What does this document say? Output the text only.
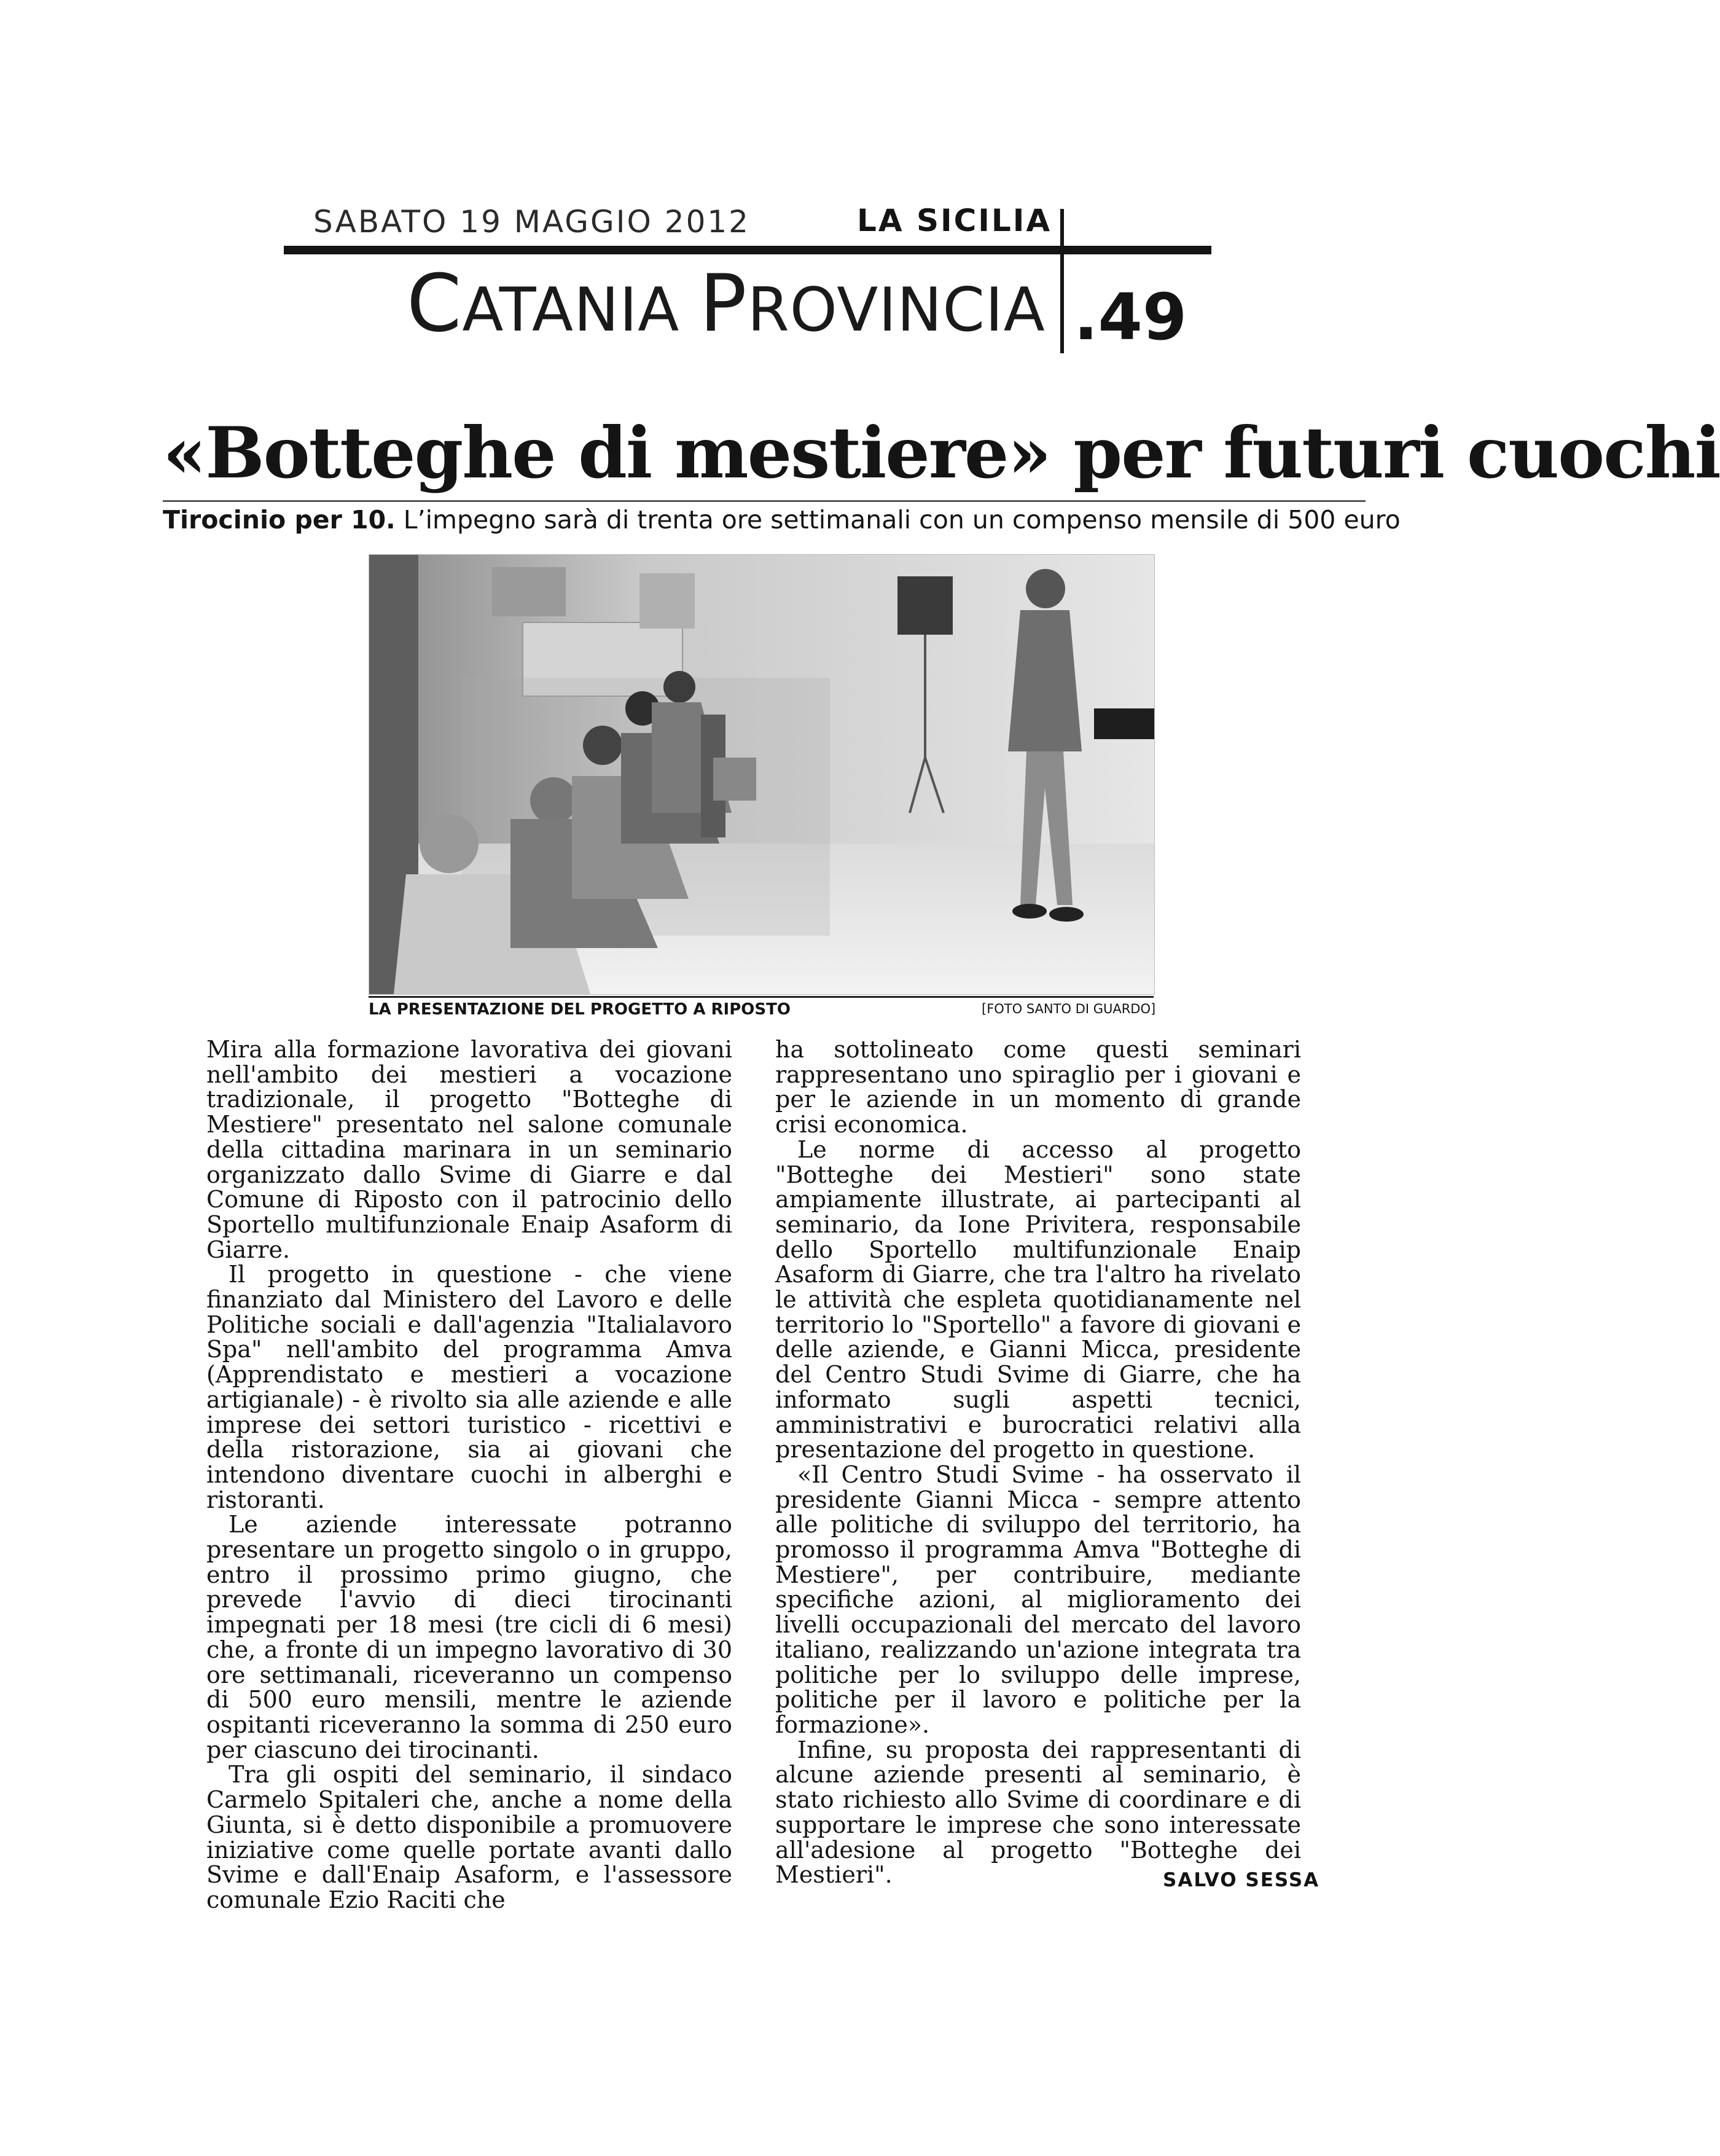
SABATO 19 MAGGIO 2012	LA SICILIA
CATANIA PROVINCIA .49
«Botteghe di mestiere» per futuri cuochi
Tirocinio per 10. L’impegno sarà di trenta ore settimanali con un compenso mensile di 500 euro
LA PRESENTAZIONE DEL PROGETTO A RIPOSTO	[FOTO SANTO DI GUARDO]

Mira alla formazione lavorativa dei giovani nell'ambito dei mestieri a vocazione tradizionale, il progetto "Botteghe di Mestiere" presentato nel salone comunale della cittadina marinara in un seminario organizzato dallo Svime di Giarre e dal Comune di Riposto con il patrocinio dello Sportello multifunzionale Enaip Asaform di Giarre.

Il progetto in questione - che viene finanziato dal Ministero del Lavoro e delle Politiche sociali e dall'agenzia "Italialavoro Spa" nell'ambito del programma Amva (Apprendistato e mestieri a vocazione artigianale) - è rivolto sia alle aziende e alle imprese dei settori turistico - ricettivi e della ristorazione, sia ai giovani che intendono diventare cuochi in alberghi e ristoranti.

Le aziende interessate potranno presentare un progetto singolo o in gruppo, entro il prossimo primo giugno, che prevede l'avvio di dieci tirocinanti impegnati per 18 mesi (tre cicli di 6 mesi) che, a fronte di un impegno lavorativo di 30 ore settimanali, riceveranno un compenso di 500 euro mensili, mentre le aziende ospitanti riceveranno la somma di 250 euro per ciascuno dei tirocinanti.

Tra gli ospiti del seminario, il sindaco Carmelo Spitaleri che, anche a nome della Giunta, si è detto disponibile a promuovere iniziative come quelle portate avanti dallo Svime e dall'Enaip Asaform, e l'assessore comunale Ezio Raciti che

ha sottolineato come questi seminari rappresentano uno spiraglio per i giovani e per le aziende in un momento di grande crisi economica.

Le norme di accesso al progetto "Botteghe dei Mestieri" sono state ampiamente illustrate, ai partecipanti al seminario, da Ione Privitera, responsabile dello Sportello multifunzionale Enaip Asaform di Giarre, che tra l'altro ha rivelato le attività che espleta quotidianamente nel territorio lo "Sportello" a favore di giovani e delle aziende, e Gianni Micca, presidente del Centro Studi Svime di Giarre, che ha informato sugli aspetti tecnici, amministrativi e burocratici relativi alla presentazione del progetto in questione.

«Il Centro Studi Svime - ha osservato il presidente Gianni Micca - sempre attento alle politiche di sviluppo del territorio, ha promosso il programma Amva "Botteghe di Mestiere", per contribuire, mediante specifiche azioni, al miglioramento dei livelli occupazionali del mercato del lavoro italiano, realizzando un'azione integrata tra politiche per lo sviluppo delle imprese, politiche per il lavoro e politiche per la formazione».

Infine, su proposta dei rappresentanti di alcune aziende presenti al seminario, è stato richiesto allo Svime di coordinare e di supportare le imprese che sono interessate all'adesione al progetto "Botteghe dei Mestieri".	SALVO SESSA
